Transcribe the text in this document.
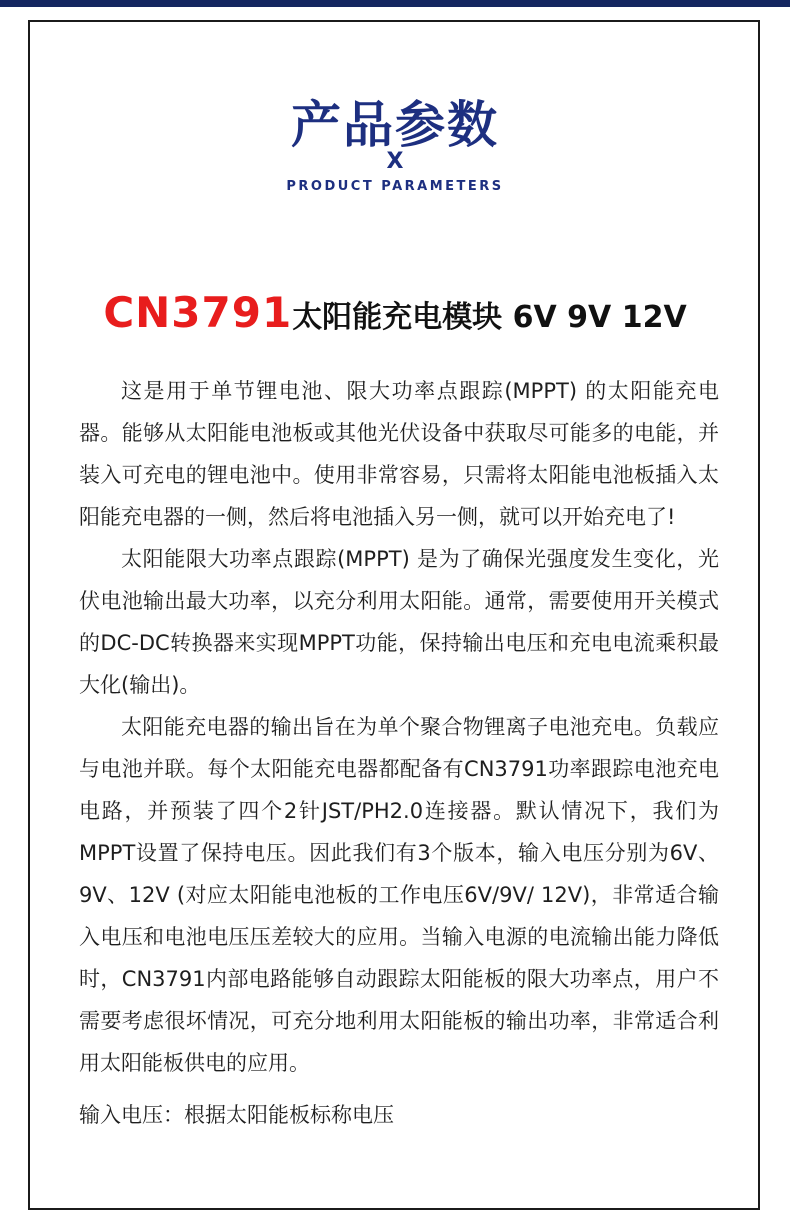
产品参数
X
PRODUCT PARAMETERS
CN3791太阳能充电模块 6V 9V 12V

这是用于单节锂电池、限大功率点跟踪(MPPT) 的太阳能充电器。能够从太阳能电池板或其他光伏设备中获取尽可能多的电能，并装入可充电的锂电池中。使用非常容易，只需将太阳能电池板插入太阳能充电器的一侧，然后将电池插入另一侧，就可以开始充电了!

太阳能限大功率点跟踪(MPPT) 是为了确保光强度发生变化，光伏电池输出最大功率，以充分利用太阳能。通常，需要使用开关模式的DC-DC转换器来实现MPPT功能，保持输出电压和充电电流乘积最大化(输出)。

太阳能充电器的输出旨在为单个聚合物锂离子电池充电。负载应与电池并联。每个太阳能充电器都配备有CN3791功率跟踪电池充电电路，并预装了四个2针JST/PH2.0连接器。默认情况下，我们为MPPT设置了保持电压。因此我们有3个版本，输入电压分别为6V、9V、12V (对应太阳能电池板的工作电压6V/9V/ 12V)，非常适合输入电压和电池电压压差较大的应用。当输入电源的电流输出能力降低时，CN3791内部电路能够自动跟踪太阳能板的限大功率点，用户不需要考虑很坏情况，可充分地利用太阳能板的输出功率，非常适合利用太阳能板供电的应用。

输入电压：根据太阳能板标称电压
